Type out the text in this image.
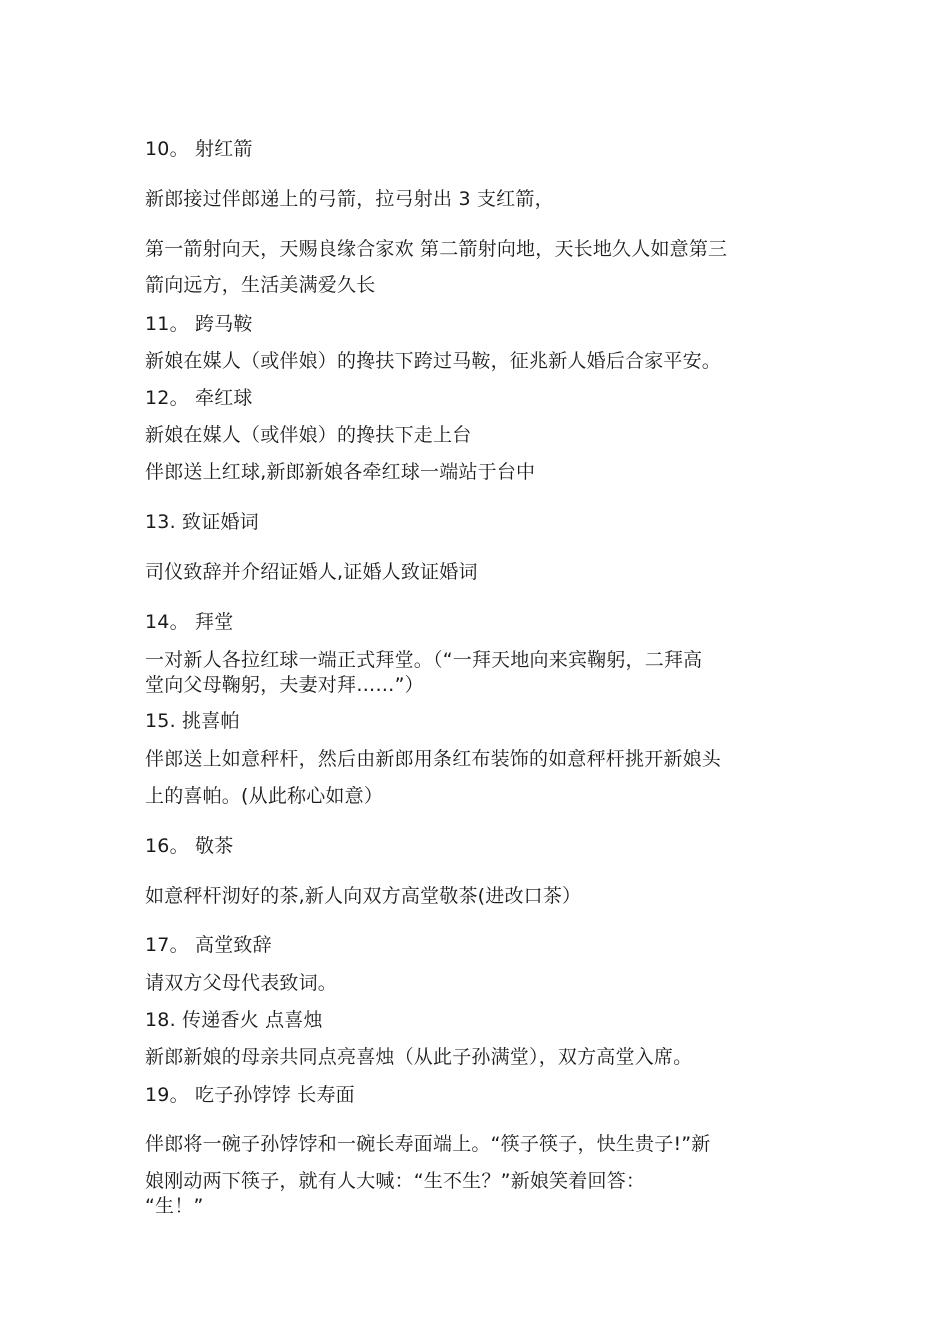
10。 射红箭
新郎接过伴郎递上的弓箭，拉弓射出 3 支红箭，
第一箭射向天，天赐良缘合家欢 第二箭射向地，天长地久人如意第三
箭向远方，生活美满爱久长
11。 跨马鞍
新娘在媒人（或伴娘）的搀扶下跨过马鞍，征兆新人婚后合家平安。
12。 牵红球
新娘在媒人（或伴娘）的搀扶下走上台
伴郎送上红球,新郎新娘各牵红球一端站于台中
13. 致证婚词
司仪致辞并介绍证婚人,证婚人致证婚词
14。 拜堂
一对新人各拉红球一端正式拜堂。（“一拜天地向来宾鞠躬，二拜高
堂向父母鞠躬，夫妻对拜……”）
15. 挑喜帕
伴郎送上如意秤杆，然后由新郎用条红布装饰的如意秤杆挑开新娘头
上的喜帕。(从此称心如意）
16。 敬茶
如意秤杆沏好的茶,新人向双方高堂敬茶(进改口茶）
17。 高堂致辞
请双方父母代表致词。
18. 传递香火 点喜烛
新郎新娘的母亲共同点亮喜烛（从此子孙满堂），双方高堂入席。
19。 吃子孙饽饽 长寿面
伴郎将一碗子孙饽饽和一碗长寿面端上。“筷子筷子，快生贵子!”新
娘刚动两下筷子，就有人大喊：“生不生？”新娘笑着回答：
“生！”
